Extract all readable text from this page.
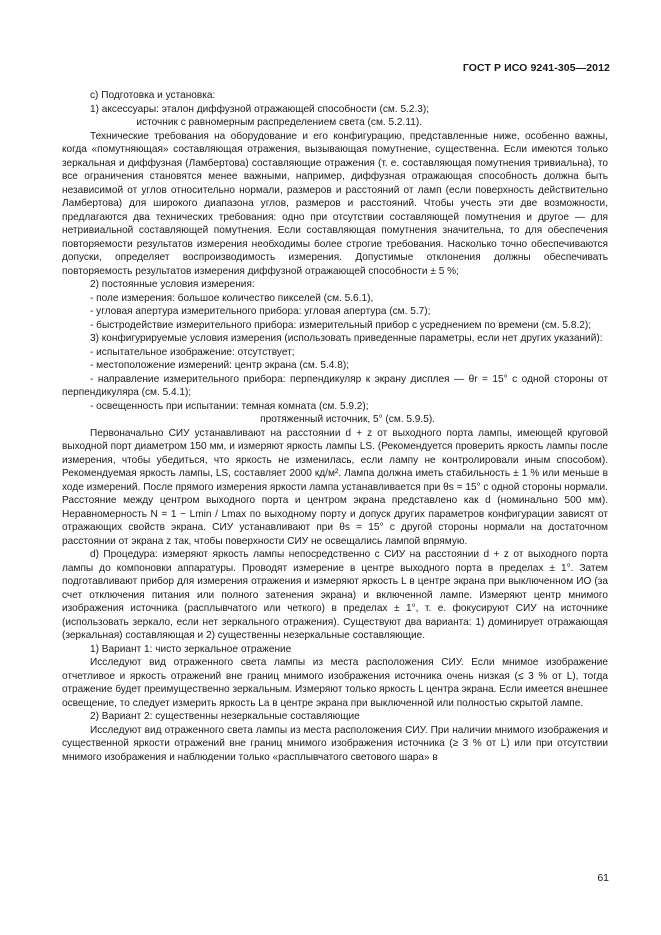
ГОСТ Р ИСО 9241-305—2012

c) Подготовка и установка:

1) аксессуары: эталон диффузной отражающей способности (см. 5.2.3);

источник с равномерным распределением света (см. 5.2.11).

Технические требования на оборудование и его конфигурацию, представленные ниже, особенно важны, когда «помутняющая» составляющая отражения, вызывающая помутнение, существенна. Если имеются только зеркальная и диффузная (Ламбертова) составляющие отражения (т. е. составляющая помутнения тривиальна), то все ограничения становятся менее важными, например, диффузная отражающая способность должна быть независимой от углов относительно нормали, размеров и расстояний от ламп (если поверхность действительно Ламбертова) для широкого диапазона углов, размеров и расстояний. Чтобы учесть эти две возможности, предлагаются два технических требования: одно при отсутствии составляющей помутнения и другое — для нетривиальной составляющей помутнения. Если составляющая помутнения значительна, то для обеспечения повторяемости результатов измерения необходимы более строгие требования. Насколько точно обеспечиваются допуски, определяет воспроизводимость измерения. Допустимые отклонения должны обеспечивать повторяемость результатов измерения диффузной отражающей способности ± 5 %;

2) постоянные условия измерения:

- поле измерения: большое количество пикселей (см. 5.6.1),

- угловая апертура измерительного прибора: угловая апертура (см. 5.7);

- быстродействие измерительного прибора: измерительный прибор с усреднением по времени (см. 5.8.2);

3) конфигурируемые условия измерения (использовать приведенные параметры, если нет других указаний):

- испытательное изображение: отсутствует;

- местоположение измерений: центр экрана (см. 5.4.8);

- направление измерительного прибора: перпендикуляр к экрану дисплея — θr = 15° с одной стороны от перпендикуляра (см. 5.4.1);

- освещенность при испытании: темная комната (см. 5.9.2);

протяженный источник, 5° (см. 5.9.5).

Первоначально СИУ устанавливают на расстоянии d + z от выходного порта лампы, имеющей круговой выходной порт диаметром 150 мм, и измеряют яркость лампы LS. (Рекомендуется проверить яркость лампы после измерения, чтобы убедиться, что яркость не изменилась, если лампу не контролировали иным способом). Рекомендуемая яркость лампы, LS, составляет 2000 кд/м². Лампа должна иметь стабильность ± 1 % или меньше в ходе измерений. После прямого измерения яркости лампа устанавливается при θs = 15° с одной стороны нормали. Расстояние между центром выходного порта и центром экрана представлено как d (номинально 500 мм). Неравномерность N = 1 − Lmin / Lmax по выходному порту и допуск других параметров конфигурации зависят от отражающих свойств экрана. СИУ устанавливают при θs = 15° с другой стороны нормали на достаточном расстоянии от экрана z так, чтобы поверхности СИУ не освещались лампой впрямую.

d) Процедура: измеряют яркость лампы непосредственно с СИУ на расстоянии d + z от выходного порта лампы до компоновки аппаратуры. Проводят измерение в центре выходного порта в пределах ± 1°. Затем подготавливают прибор для измерения отражения и измеряют яркость L в центре экрана при выключенном ИО (за счет отключения питания или полного затенения экрана) и включенной лампе. Измеряют центр мнимого изображения источника (расплывчатого или четкого) в пределах ± 1°, т. е. фокусируют СИУ на источнике (использовать зеркало, если нет зеркального отражения). Существуют два варианта: 1) доминирует отражающая (зеркальная) составляющая и 2) существенны незеркальные составляющие.

1) Вариант 1: чисто зеркальное отражение

Исследуют вид отраженного света лампы из места расположения СИУ. Если мнимое изображение отчетливое и яркость отражений вне границ мнимого изображения источника очень низкая (≤ 3 % от L), тогда отражение будет преимущественно зеркальным. Измеряют только яркость L центра экрана. Если имеется внешнее освещение, то следует измерить яркость La в центре экрана при выключенной или полностью скрытой лампе.

2) Вариант 2: существенны незеркальные составляющие

Исследуют вид отраженного света лампы из места расположения СИУ. При наличии мнимого изображения и существенной яркости отражений вне границ мнимого изображения источника (≥ 3 % от L) или при отсутствии мнимого изображения и наблюдении только «расплывчатого светового шара» в

61
